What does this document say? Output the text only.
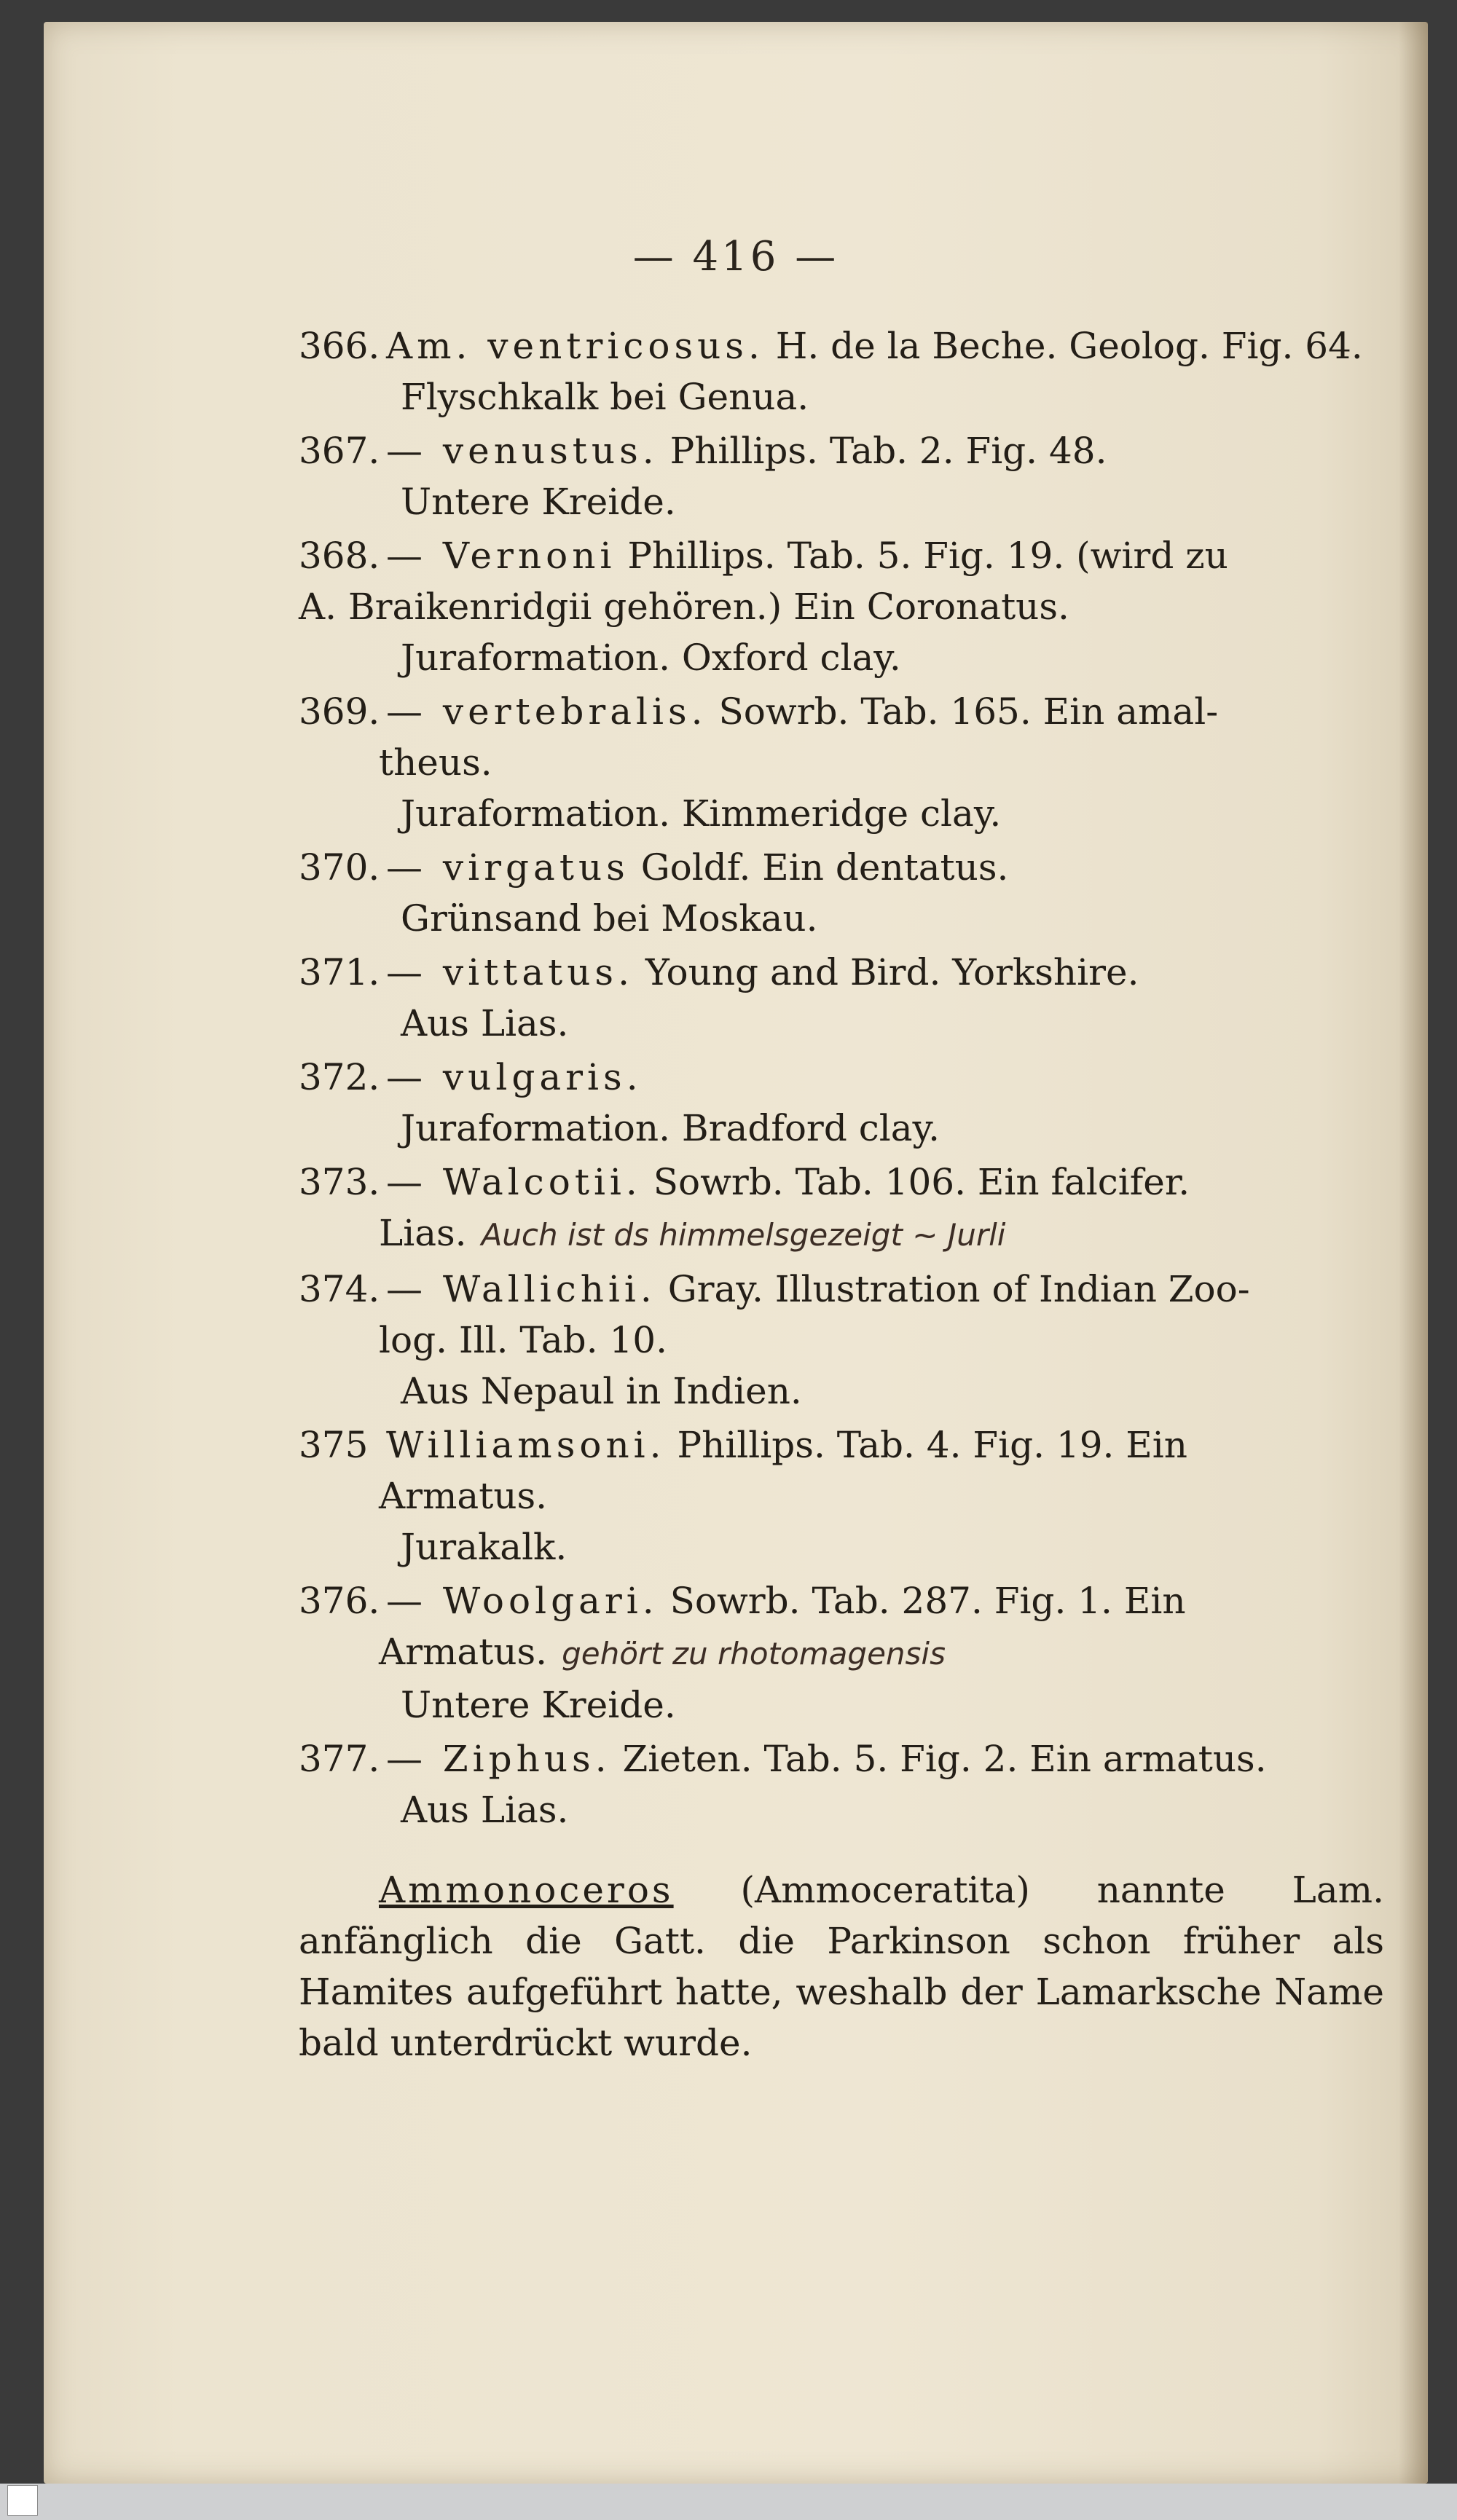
— 416 —
366. Am. ventricosus. H. de la Beche. Geolog. Fig. 64.
Flyschkalk bei Genua.
367. — venustus. Phillips. Tab. 2. Fig. 48.
Untere Kreide.
368. — Vernoni Phillips. Tab. 5. Fig. 19. (wird zu
A. Braikenridgii gehören.) Ein Coronatus.
Juraformation. Oxford clay.
369. — vertebralis. Sowrb. Tab. 165. Ein amal-
theus.
Juraformation. Kimmeridge clay.
370. — virgatus Goldf. Ein dentatus.
Grünsand bei Moskau.
371. — vittatus. Young and Bird. Yorkshire.
Aus Lias.
372. — vulgaris.
Juraformation. Bradford clay.
373. — Walcotii. Sowrb. Tab. 106. Ein falcifer.
Lias. Auch ist ds himmelsgezeigt ~ Jurli
374. — Wallichii. Gray. Illustration of Indian Zoo-
log. Ill. Tab. 10.
Aus Nepaul in Indien.
375 Williamsoni. Phillips. Tab. 4. Fig. 19. Ein
Armatus.
Jurakalk.
376. — Woolgari. Sowrb. Tab. 287. Fig. 1. Ein
Armatus. gehört zu rhotomagensis
Untere Kreide.
377. — Ziphus. Zieten. Tab. 5. Fig. 2. Ein armatus.
Aus Lias.
Ammonoceros (Ammoceratita) nannte Lam. anfänglich die Gatt. die Parkinson schon früher als Hamites aufgeführt hatte, weshalb der Lamarksche Name bald unterdrückt wurde.
